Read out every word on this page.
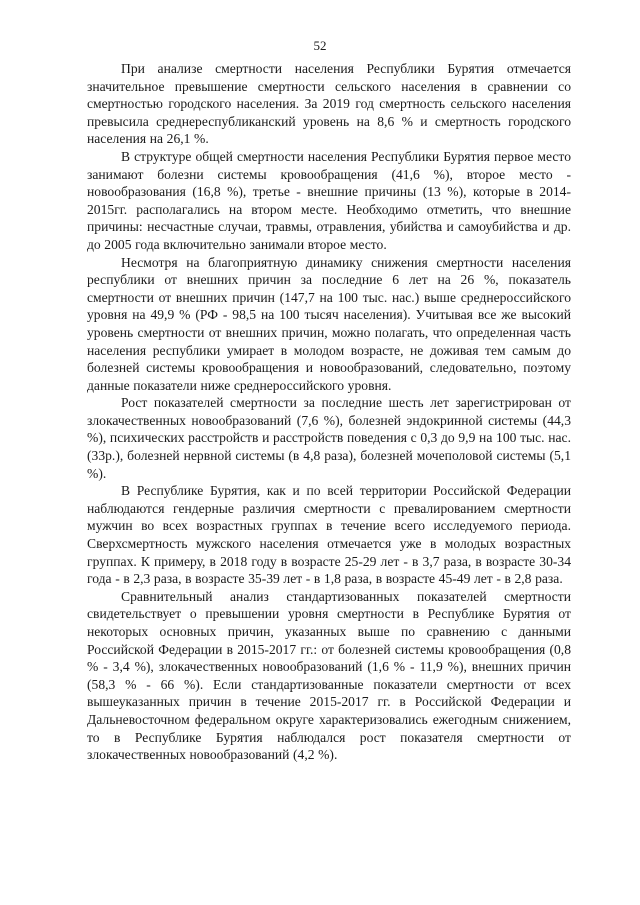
52

При анализе смертности населения Республики Бурятия отмечается значительное превышение смертности сельского населения в сравнении со смертностью городского населения. За 2019 год смертность сельского населения превысила среднереспубликанский уровень на 8,6 % и смертность городского населения на 26,1 %.

В структуре общей смертности населения Республики Бурятия первое место занимают болезни системы кровообращения (41,6 %), второе место - новообразования (16,8 %), третье - внешние причины (13 %), которые в 2014-2015гг. располагались на втором месте. Необходимо отметить, что внешние причины: несчастные случаи, травмы, отравления, убийства и самоубийства и др. до 2005 года включительно занимали второе место.

Несмотря на благоприятную динамику снижения смертности населения республики от внешних причин за последние 6 лет на 26 %, показатель смертности от внешних причин (147,7 на 100 тыс. нас.) выше среднероссийского уровня на 49,9 % (РФ - 98,5 на 100 тысяч населения). Учитывая все же высокий уровень смертности от внешних причин, можно полагать, что определенная часть населения республики умирает в молодом возрасте, не доживая тем самым до болезней системы кровообращения и новообразований, следовательно, поэтому данные показатели ниже среднероссийского уровня.

Рост показателей смертности за последние шесть лет зарегистрирован от злокачественных новообразований (7,6 %), болезней эндокринной системы (44,3 %), психических расстройств и расстройств поведения с 0,3 до 9,9 на 100 тыс. нас. (33р.), болезней нервной системы (в 4,8 раза), болезней мочеполовой системы (5,1 %).

В Республике Бурятия, как и по всей территории Российской Федерации наблюдаются гендерные различия смертности с превалированием смертности мужчин во всех возрастных группах в течение всего исследуемого периода. Сверхсмертность мужского населения отмечается уже в молодых возрастных группах. К примеру, в 2018 году в возрасте 25-29 лет - в 3,7 раза, в возрасте 30-34 года - в 2,3 раза, в возрасте 35-39 лет - в 1,8 раза, в возрасте 45-49 лет - в 2,8 раза.

Сравнительный анализ стандартизованных показателей смертности свидетельствует о превышении уровня смертности в Республике Бурятия от некоторых основных причин, указанных выше по сравнению с данными Российской Федерации в 2015-2017 гг.: от болезней системы кровообращения (0,8 % - 3,4 %), злокачественных новообразований (1,6 % - 11,9 %), внешних причин (58,3 % - 66 %). Если стандартизованные показатели смертности от всех вышеуказанных причин в течение 2015-2017 гг. в Российской Федерации и Дальневосточном федеральном округе характеризовались ежегодным снижением, то в Республике Бурятия наблюдался рост показателя смертности от злокачественных новообразований (4,2 %).
